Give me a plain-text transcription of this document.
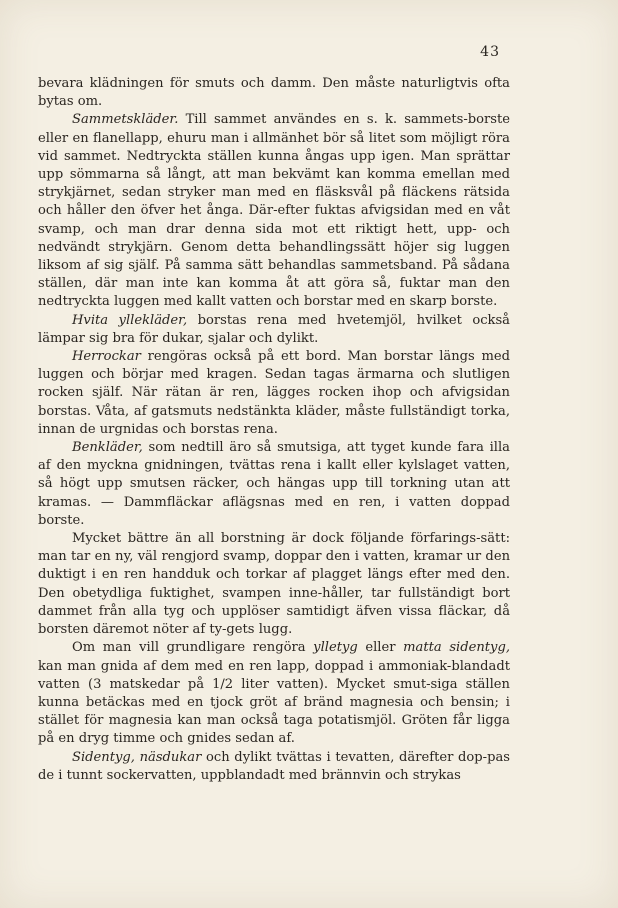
43

bevara klädningen för smuts och damm. Den måste naturligtvis ofta bytas om.

Sammetskläder. Till sammet användes en s. k. sammets-borste eller en flanellapp, ehuru man i allmänhet bör så litet som möjligt röra vid sammet. Nedtryckta ställen kunna ångas upp igen. Man sprättar upp sömmarna så långt, att man bekvämt kan komma emellan med strykjärnet, sedan stryker man med en fläsksvål på fläckens rätsida och håller den öfver het ånga. Där-efter fuktas afvigsidan med en våt svamp, och man drar denna sida mot ett riktigt hett, upp- och nedvändt strykjärn. Genom detta behandlingssätt höjer sig luggen liksom af sig själf. På samma sätt behandlas sammetsband. På sådana ställen, där man inte kan komma åt att göra så, fuktar man den nedtryckta luggen med kallt vatten och borstar med en skarp borste.

Hvita yllekläder, borstas rena med hvetemjöl, hvilket också lämpar sig bra för dukar, sjalar och dylikt.

Herrockar rengöras också på ett bord. Man borstar längs med luggen och börjar med kragen. Sedan tagas ärmarna och slutligen rocken själf. När rätan är ren, lägges rocken ihop och afvigsidan borstas. Våta, af gatsmuts nedstänkta kläder, måste fullständigt torka, innan de urgnidas och borstas rena.

Benkläder, som nedtill äro så smutsiga, att tyget kunde fara illa af den myckna gnidningen, tvättas rena i kallt eller kylslaget vatten, så högt upp smutsen räcker, och hängas upp till torkning utan att kramas. — Dammfläckar aflägsnas med en ren, i vatten doppad borste.

Mycket bättre än all borstning är dock följande förfarings-sätt: man tar en ny, väl rengjord svamp, doppar den i vatten, kramar ur den duktigt i en ren handduk och torkar af plagget längs efter med den. Den obetydliga fuktighet, svampen inne-håller, tar fullständigt bort dammet från alla tyg och upplöser samtidigt äfven vissa fläckar, då borsten däremot nöter af ty-gets lugg.

Om man vill grundligare rengöra ylletyg eller matta sidentyg, kan man gnida af dem med en ren lapp, doppad i ammoniak-blandadt vatten (3 matskedar på 1/2 liter vatten). Mycket smut-siga ställen kunna betäckas med en tjock gröt af bränd magnesia och bensin; i stället för magnesia kan man också taga potatismjöl. Gröten får ligga på en dryg timme och gnides sedan af.

Sidentyg, näsdukar och dylikt tvättas i tevatten, därefter dop-pas de i tunnt sockervatten, uppblandadt med brännvin och strykas
